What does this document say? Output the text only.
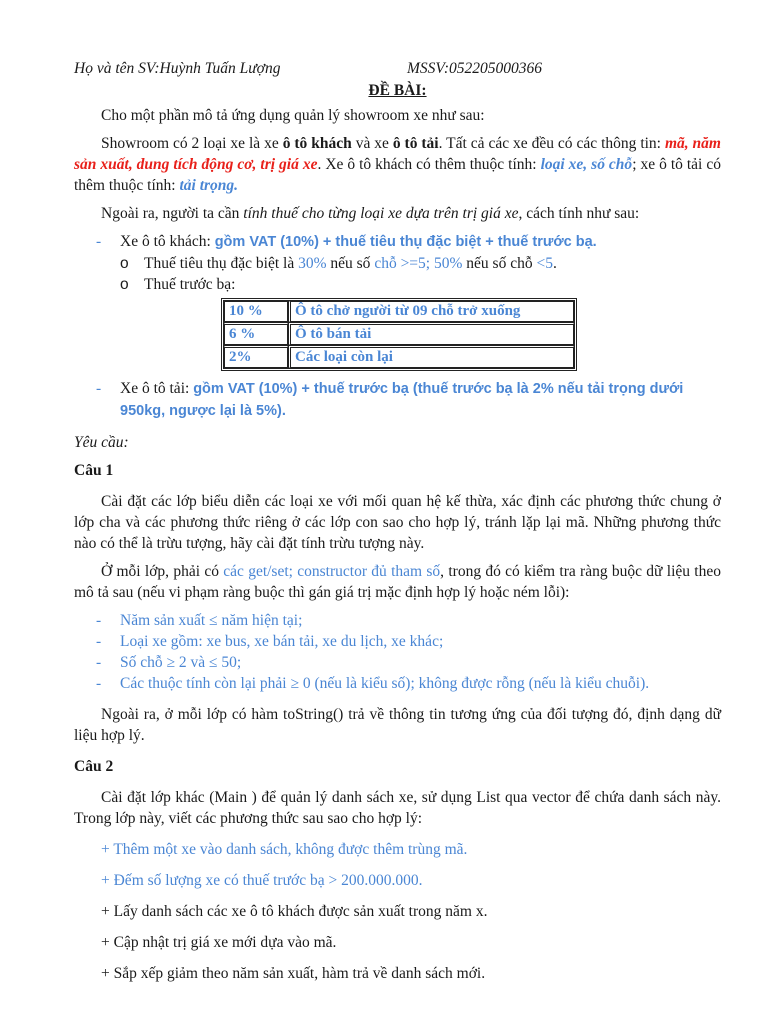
Họ và tên SV:Huỳnh Tuấn Lượng	MSSV:052205000366
ĐỀ BÀI:

Cho một phần mô tả ứng dụng quản lý showroom xe như sau:

Showroom có 2 loại xe là xe ô tô khách và xe ô tô tải. Tất cả các xe đều có các thông tin: mã, năm sản xuất, dung tích động cơ, trị giá xe. Xe ô tô khách có thêm thuộc tính: loại xe, số chỗ; xe ô tô tải có thêm thuộc tính: tải trọng.

Ngoài ra, người ta cần tính thuế cho từng loại xe dựa trên trị giá xe, cách tính như sau:

- Xe ô tô khách: gồm VAT (10%) + thuế tiêu thụ đặc biệt + thuế trước bạ.
o Thuế tiêu thụ đặc biệt là 30% nếu số chỗ >=5; 50% nếu số chỗ <5.
o Thuế trước bạ:
10 %	Ô tô chở người từ 09 chỗ trở xuống
6 %	Ô tô bán tải
2%	Các loại còn lại
- Xe ô tô tải: gồm VAT (10%) + thuế trước bạ (thuế trước bạ là 2% nếu tải trọng dưới 950kg, ngược lại là 5%).

Yêu cầu:

Câu 1

Cài đặt các lớp biểu diễn các loại xe với mối quan hệ kế thừa, xác định các phương thức chung ở lớp cha và các phương thức riêng ở các lớp con sao cho hợp lý, tránh lặp lại mã. Những phương thức nào có thể là trừu tượng, hãy cài đặt tính trừu tượng này.

Ở mỗi lớp, phải có các get/set; constructor đủ tham số, trong đó có kiểm tra ràng buộc dữ liệu theo mô tả sau (nếu vi phạm ràng buộc thì gán giá trị mặc định hợp lý hoặc ném lỗi):

- Năm sản xuất ≤ năm hiện tại;
- Loại xe gồm: xe bus, xe bán tải, xe du lịch, xe khác;
- Số chỗ ≥ 2 và ≤ 50;
- Các thuộc tính còn lại phải ≥ 0 (nếu là kiểu số); không được rỗng (nếu là kiểu chuỗi).

Ngoài ra, ở mỗi lớp có hàm toString() trả về thông tin tương ứng của đối tượng đó, định dạng dữ liệu hợp lý.

Câu 2

Cài đặt lớp khác (Main ) để quản lý danh sách xe, sử dụng List qua vector để chứa danh sách này. Trong lớp này, viết các phương thức sau sao cho hợp lý:

+ Thêm một xe vào danh sách, không được thêm trùng mã.

+ Đếm số lượng xe có thuế trước bạ > 200.000.000.

+ Lấy danh sách các xe ô tô khách được sản xuất trong năm x.

+ Cập nhật trị giá xe mới dựa vào mã.

+ Sắp xếp giảm theo năm sản xuất, hàm trả về danh sách mới.
